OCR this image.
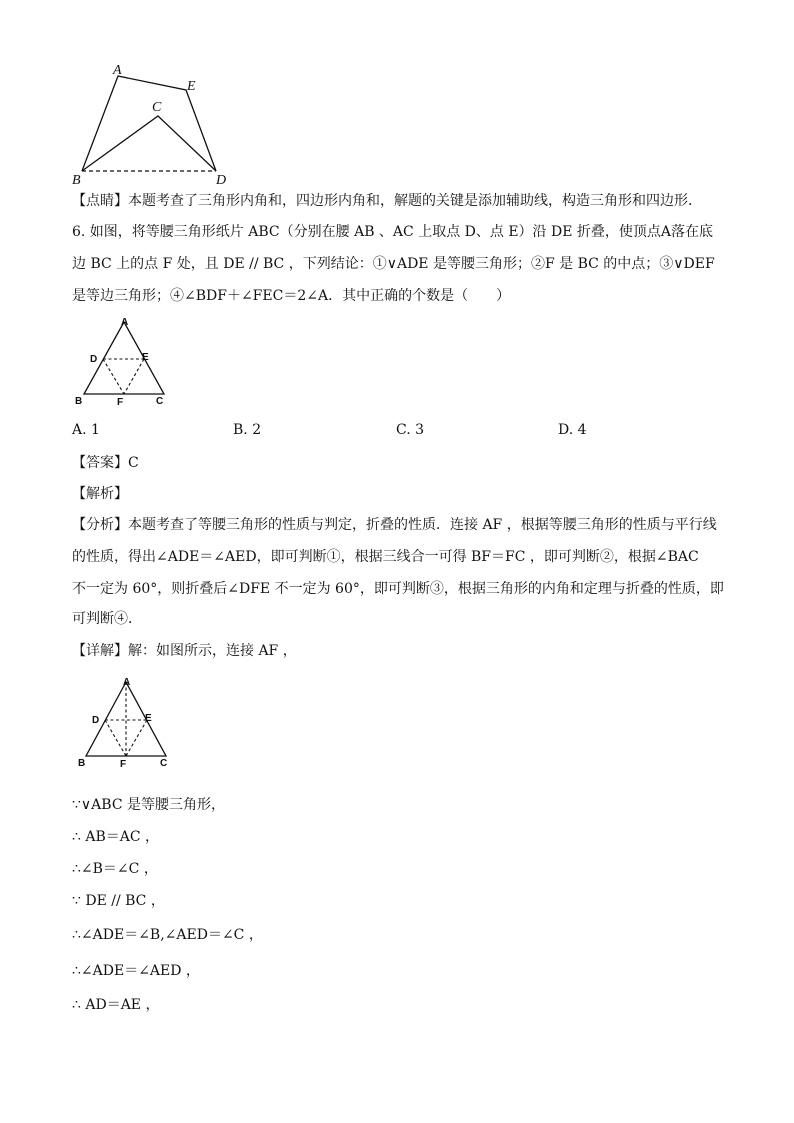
A
E
C
B	D
【点睛】本题考查了三角形内角和，四边形内角和，解题的关键是添加辅助线，构造三角形和四边形．
6. 如图，将等腰三角形纸片 ABC（分别在腰 AB 、AC 上取点 D、点 E）沿 DE 折叠，使顶点A落在底
边 BC 上的点 F 处，且 DE // BC ，下列结论：①∨ADE 是等腰三角形；②F 是 BC 的中点；③∨DEF
是等边三角形；④∠BDF＋∠FEC＝2∠A．其中正确的个数是（　　）
A
D	E
B	F	C
A. 1	B. 2	C. 3	D. 4
【答案】C
【解析】
【分析】本题考查了等腰三角形的性质与判定，折叠的性质．连接 AF ，根据等腰三角形的性质与平行线
的性质，得出∠ADE＝∠AED，即可判断①，根据三线合一可得 BF＝FC ，即可判断②，根据∠BAC
不一定为 60°，则折叠后∠DFE 不一定为 60°，即可判断③，根据三角形的内角和定理与折叠的性质，即
可判断④．
【详解】解：如图所示，连接 AF ，
A
D	E
B	F	C
∵∨ABC 是等腰三角形，
∴ AB＝AC ，
∴∠B＝∠C ，
∵ DE // BC ，
∴∠ADE＝∠B,∠AED＝∠C ，
∴∠ADE＝∠AED ，
∴ AD＝AE ，
